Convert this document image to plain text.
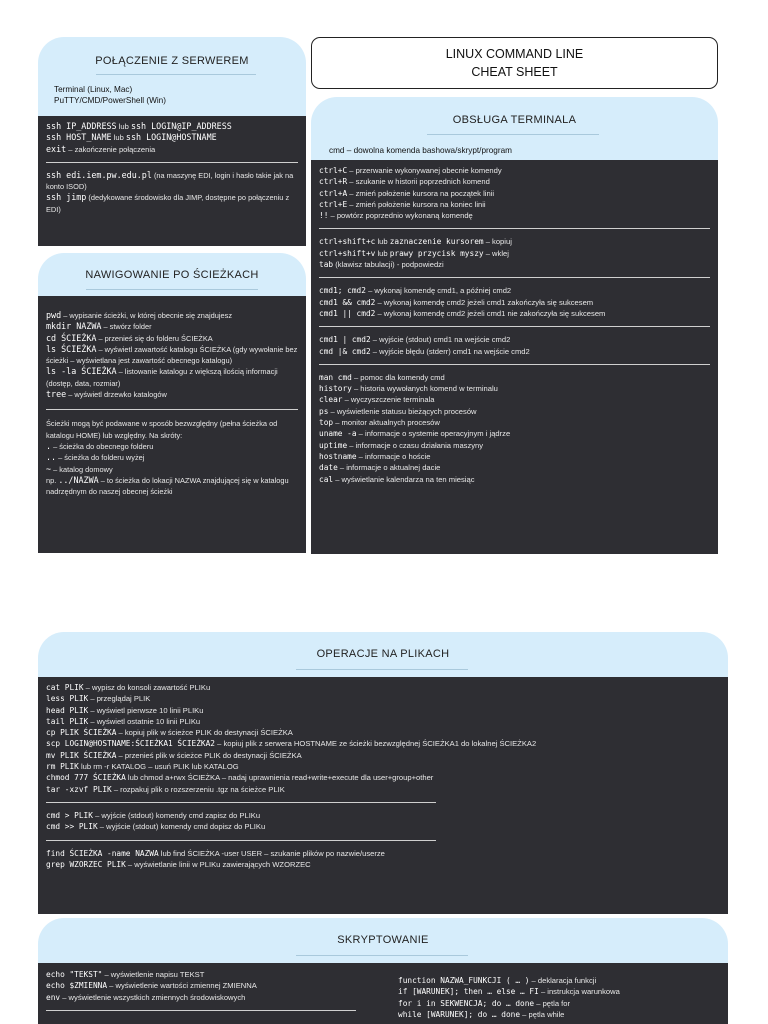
LINUX COMMAND LINE
CHEAT SHEET
POŁĄCZENIE Z SERWEREM
Terminal (Linux, Mac)
PuTTY/CMD/PowerShell (Win)
ssh IP_ADDRESS lub ssh LOGIN@IP_ADDRESS
ssh HOST_NAME lub ssh LOGIN@HOSTNAME
exit – zakończenie połączenia
ssh edi.iem.pw.edu.pl (na maszynę EDI, login i hasło takie jak na konto ISOD)
ssh jimp (dedykowane środowisko dla JIMP, dostępne po połączeniu z EDI)
NAWIGOWANIE PO ŚCIEŻKACH
pwd – wypisanie ścieżki, w której obecnie się znajdujesz
mkdir NAZWA – stwórz folder
cd ŚCIEŻKA – przenieś się do folderu ŚCIEŻKA
ls ŚCIEŻKA – wyświetl zawartość katalogu ŚCIEŻKA (gdy wywołanie bez ścieżki – wyświetlana jest zawartość obecnego katalogu)
ls -la ŚCIEŻKA – listowanie katalogu z większą ilością informacji (dostęp, data, rozmiar)
tree – wyświetl drzewko katalogów
Ścieżki mogą być podawane w sposób bezwzględny (pełna ścieżka od katalogu HOME) lub względny. Na skróty:
. – ścieżka do obecnego folderu
.. – ścieżka do folderu wyżej
~ – katalog domowy
np. ../NAZWA – to ścieżka do lokacji NAZWA znajdującej się w katalogu nadrzędnym do naszej obecnej ścieżki
OBSŁUGA TERMINALA
cmd – dowolna komenda bashowa/skrypt/program
ctrl+C – przerwanie wykonywanej obecnie komendy
ctrl+R – szukanie w historii poprzednich komend
ctrl+A – zmień położenie kursora na początek linii
ctrl+E – zmień położenie kursora na koniec linii
!! – powtórz poprzednio wykonaną komendę
ctrl+shift+c lub zaznaczenie kursorem – kopiuj
ctrl+shift+v lub prawy przycisk myszy – wklej
tab (klawisz tabulacji) - podpowiedzi
cmd1; cmd2 – wykonaj komendę cmd1, a później cmd2
cmd1 && cmd2 – wykonaj komendę cmd2 jeżeli cmd1 zakończyła się sukcesem
cmd1 || cmd2 – wykonaj komendę cmd2 jeżeli cmd1 nie zakończyła się sukcesem
cmd1 | cmd2 – wyjście (stdout) cmd1 na wejście cmd2
cmd |& cmd2 – wyjście błędu (stderr) cmd1 na wejście cmd2
man cmd – pomoc dla komendy cmd
history – historia wywołanych komend w terminalu
clear – wyczyszczenie terminala
ps – wyświetlenie statusu bieżących procesów
top – monitor aktualnych procesów
uname -a – informacje o systemie operacyjnym i jądrze
uptime – informacje o czasu działania maszyny
hostname – informacje o hoście
date – informacje o aktualnej dacie
cal – wyświetlanie kalendarza na ten miesiąc
OPERACJE NA PLIKACH
cat PLIK – wypisz do konsoli zawartość PLIKu
less PLIK – przeglądaj PLIK
head PLIK – wyświetl pierwsze 10 linii PLIKu
tail PLIK – wyświetl ostatnie 10 linii PLIKu
cp PLIK ŚCIEŻKA – kopiuj plik w ścieżce PLIK do destynacji ŚCIEŻKA
scp LOGIN@HOSTNAME:ŚCIEŻKA1 ŚCIEŻKA2 – kopiuj plik z serwera HOSTNAME ze ścieżki bezwzględnej ŚCIEŻKA1 do lokalnej ŚCIEŻKA2
mv PLIK ŚCIEŻKA – przenieś plik w ścieżce PLIK do destynacji ŚCIEŻKA
rm PLIK lub rm -r KATALOG – usuń PLIK lub KATALOG
chmod 777 ŚCIEŻKA lub chmod a+rwx ŚCIEŻKA – nadaj uprawnienia read+write+execute dla user+group+other
tar -xzvf PLIK – rozpakuj plik o rozszerzeniu .tgz na ścieżce PLIK
cmd > PLIK – wyjście (stdout) komendy cmd zapisz do PLIKu
cmd >> PLIK – wyjście (stdout) komendy cmd dopisz do PLIKu
find ŚCIEŻKA -name NAZWA lub find ŚCIEŻKA -user USER – szukanie plików po nazwie/userze
grep WZORZEC PLIK – wyświetlanie linii w PLIKu zawierających WZORZEC
SKRYPTOWANIE
echo "TEKST" – wyświetlenie napisu TEKST
echo $ZMIENNA – wyświetlenie wartości zmiennej ZMIENNA
env – wyświetlenie wszystkich zmiennych środowiskowych
function NAZWA_FUNKCJI ( … ) – deklaracja funkcji
if [WARUNEK]; then … else … FI – instrukcja warunkowa
for i in SEKWENCJA; do … done – pętla for
while [WARUNEK]; do … done – pętla while
